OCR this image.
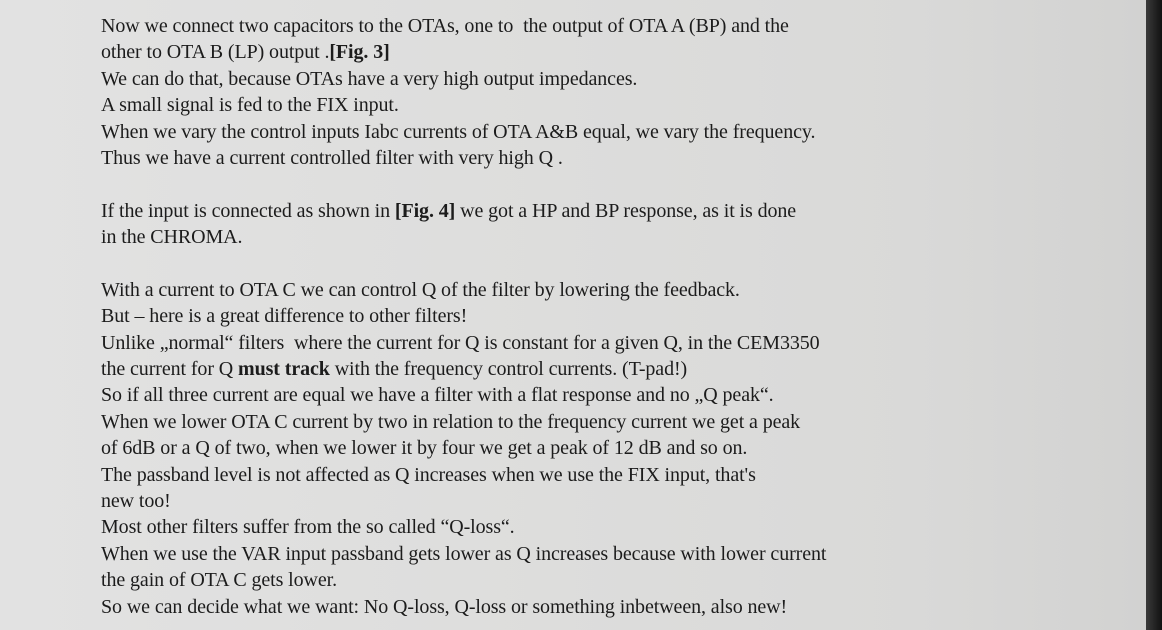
Now we connect two capacitors to the OTAs, one to  the output of OTA A (BP) and the
other to OTA B (LP) output .[Fig. 3]
We can do that, because OTAs have a very high output impedances.
A small signal is fed to the FIX input.
When we vary the control inputs Iabc currents of OTA A&B equal, we vary the frequency.
Thus we have a current controlled filter with very high Q .
If the input is connected as shown in [Fig. 4] we got a HP and BP response, as it is done
in the CHROMA.
With a current to OTA C we can control Q of the filter by lowering the feedback.
But – here is a great difference to other filters!
Unlike „normal“ filters  where the current for Q is constant for a given Q, in the CEM3350
the current for Q must track with the frequency control currents. (T-pad!)
So if all three current are equal we have a filter with a flat response and no „Q peak“.
When we lower OTA C current by two in relation to the frequency current we get a peak
of 6dB or a Q of two, when we lower it by four we get a peak of 12 dB and so on.
The passband level is not affected as Q increases when we use the FIX input, that's
new too!
Most other filters suffer from the so called “Q-loss“.
When we use the VAR input passband gets lower as Q increases because with lower current
the gain of OTA C gets lower.
So we can decide what we want: No Q-loss, Q-loss or something inbetween, also new!
